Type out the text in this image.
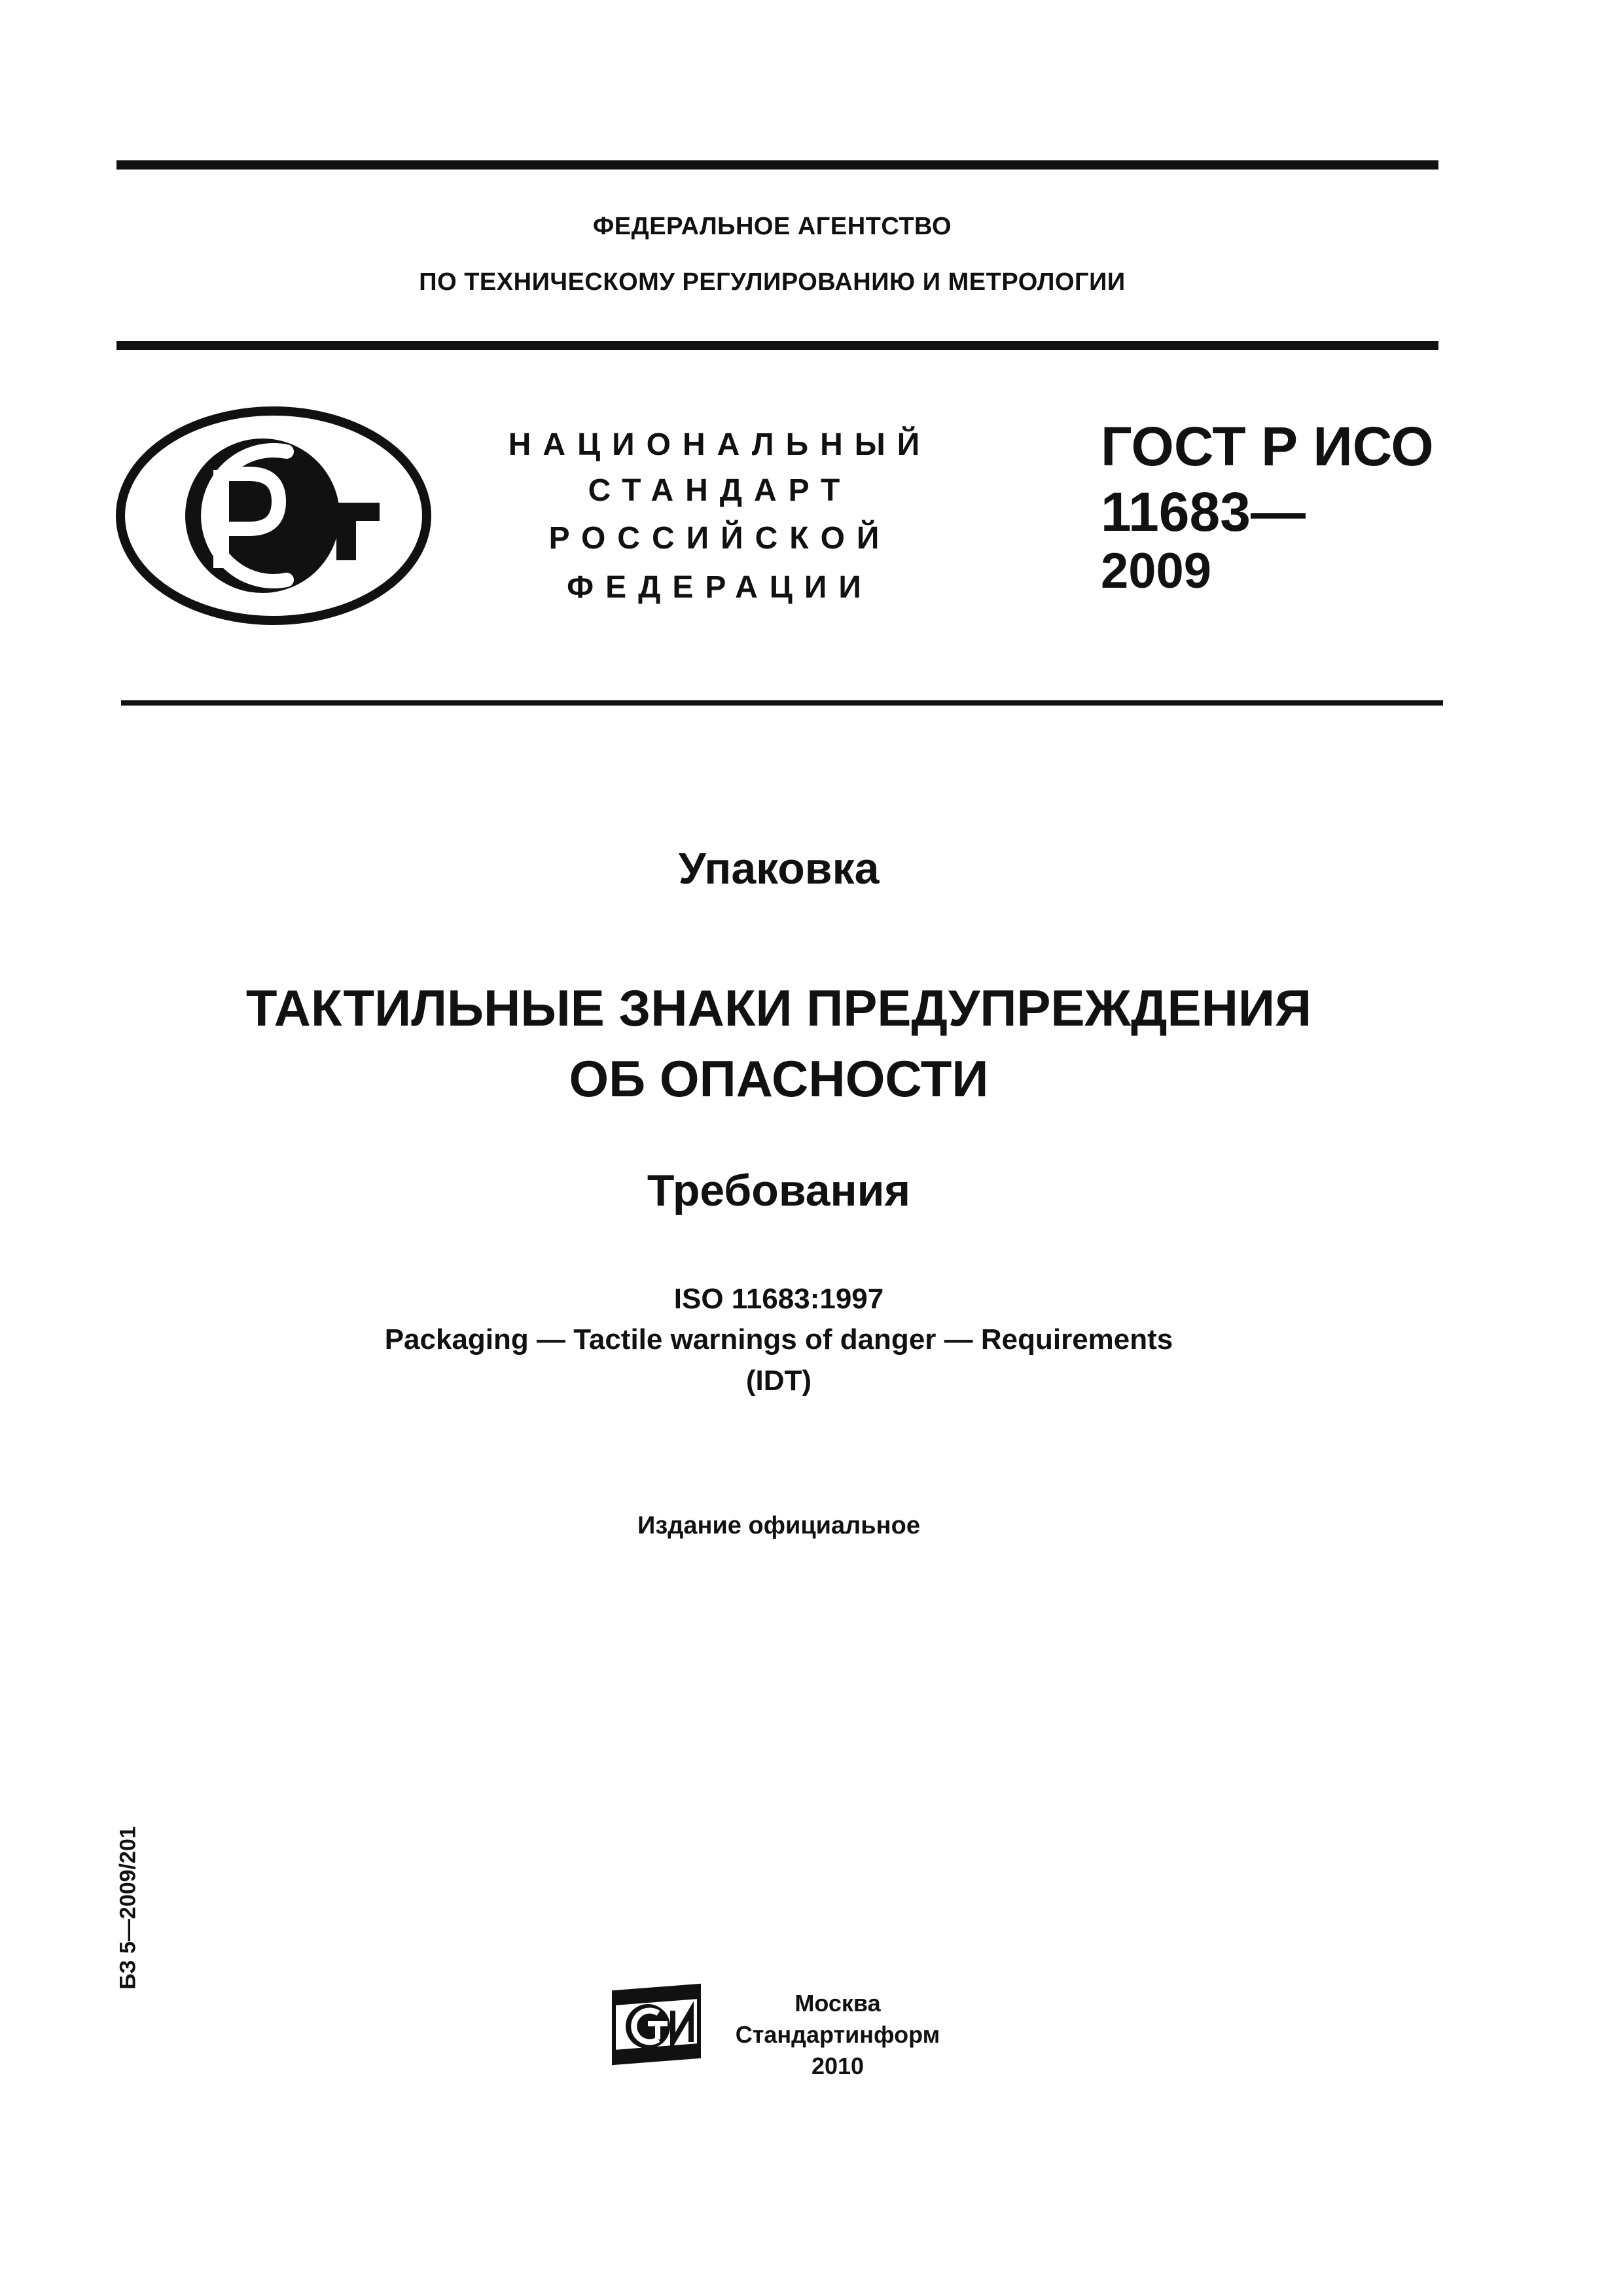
ФЕДЕРАЛЬНОЕ АГЕНТСТВО
ПО ТЕХНИЧЕСКОМУ РЕГУЛИРОВАНИЮ И МЕТРОЛОГИИ
НАЦИОНАЛЬНЫЙ
СТАНДАРТ
РОССИЙСКОЙ
ФЕДЕРАЦИИ
ГОСТ Р ИСО
11683—
2009
Упаковка
ТАКТИЛЬНЫЕ ЗНАКИ ПРЕДУПРЕЖДЕНИЯ
ОБ ОПАСНОСТИ
Требования
ISO 11683:1997
Packaging — Tactile warnings of danger — Requirements
(IDT)
Издание официальное
БЗ 5—2009/201
Москва
Стандартинформ
2010
